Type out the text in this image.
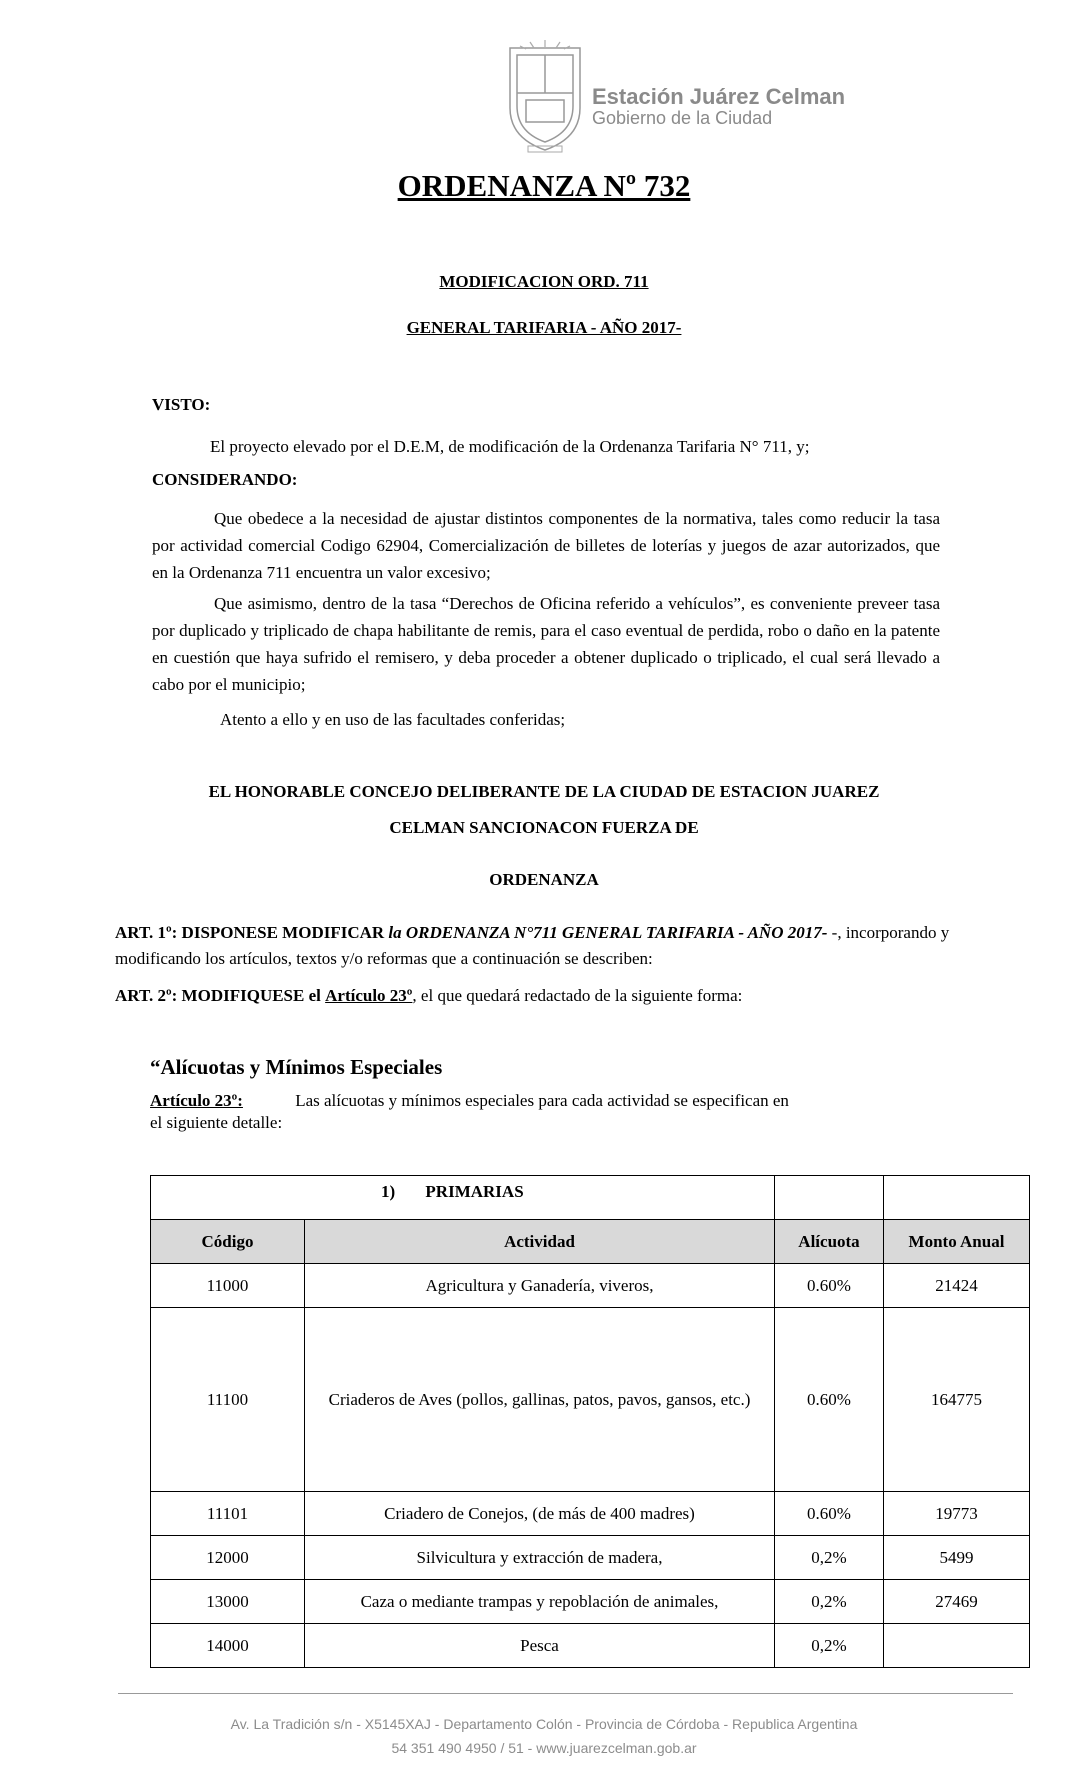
Estación Juárez Celman
Gobierno de la Ciudad
ORDENANZA Nº 732
MODIFICACION ORD. 711
GENERAL TARIFARIA - AÑO 2017-
VISTO:
El proyecto elevado por el D.E.M, de modificación de la Ordenanza Tarifaria N° 711, y;
CONSIDERANDO:
Que obedece a la necesidad de ajustar distintos componentes de la normativa, tales como reducir la tasa por actividad comercial Codigo 62904, Comercialización de billetes de loterías y juegos de azar autorizados, que en la Ordenanza 711 encuentra un valor excesivo;
Que asimismo, dentro de la tasa “Derechos de Oficina referido a vehículos”, es conveniente preveer tasa por duplicado y triplicado de chapa habilitante de remis, para el caso eventual de perdida, robo o daño en la patente en cuestión que haya sufrido el remisero, y deba proceder a obtener duplicado o triplicado, el cual será llevado a cabo por el municipio;
Atento a ello y en uso de las facultades conferidas;
EL HONORABLE CONCEJO DELIBERANTE DE LA CIUDAD DE ESTACION JUAREZ
CELMAN SANCIONACON FUERZA DE
ORDENANZA
ART. 1º: DISPONESE MODIFICAR la ORDENANZA N°711 GENERAL TARIFARIA - AÑO 2017- -, incorporando y modificando los artículos, textos y/o reformas que a continuación se describen:
ART. 2º: MODIFIQUESE el Artículo 23º, el que quedará redactado de la siguiente forma:
“Alícuotas y Mínimos Especiales
Artículo 23º:	Las alícuotas y mínimos especiales para cada actividad se especifican en
el siguiente detalle:
1) PRIMARIAS			
Código	Actividad	Alícuota	Monto Anual
11000	Agricultura y Ganadería, viveros,	0.60%	21424
11100	Criaderos de Aves (pollos, gallinas, patos, pavos, gansos, etc.)	0.60%	164775
11101	Criadero de Conejos, (de más de 400 madres)	0.60%	19773
12000	Silvicultura y extracción de madera,	0,2%	5499
13000	Caza o mediante trampas y repoblación de animales,	0,2%	27469
14000	Pesca	0,2%	
Av. La Tradición s/n - X5145XAJ - Departamento Colón - Provincia de Córdoba - Republica Argentina
54 351 490 4950 / 51 - www.juarezcelman.gob.ar
